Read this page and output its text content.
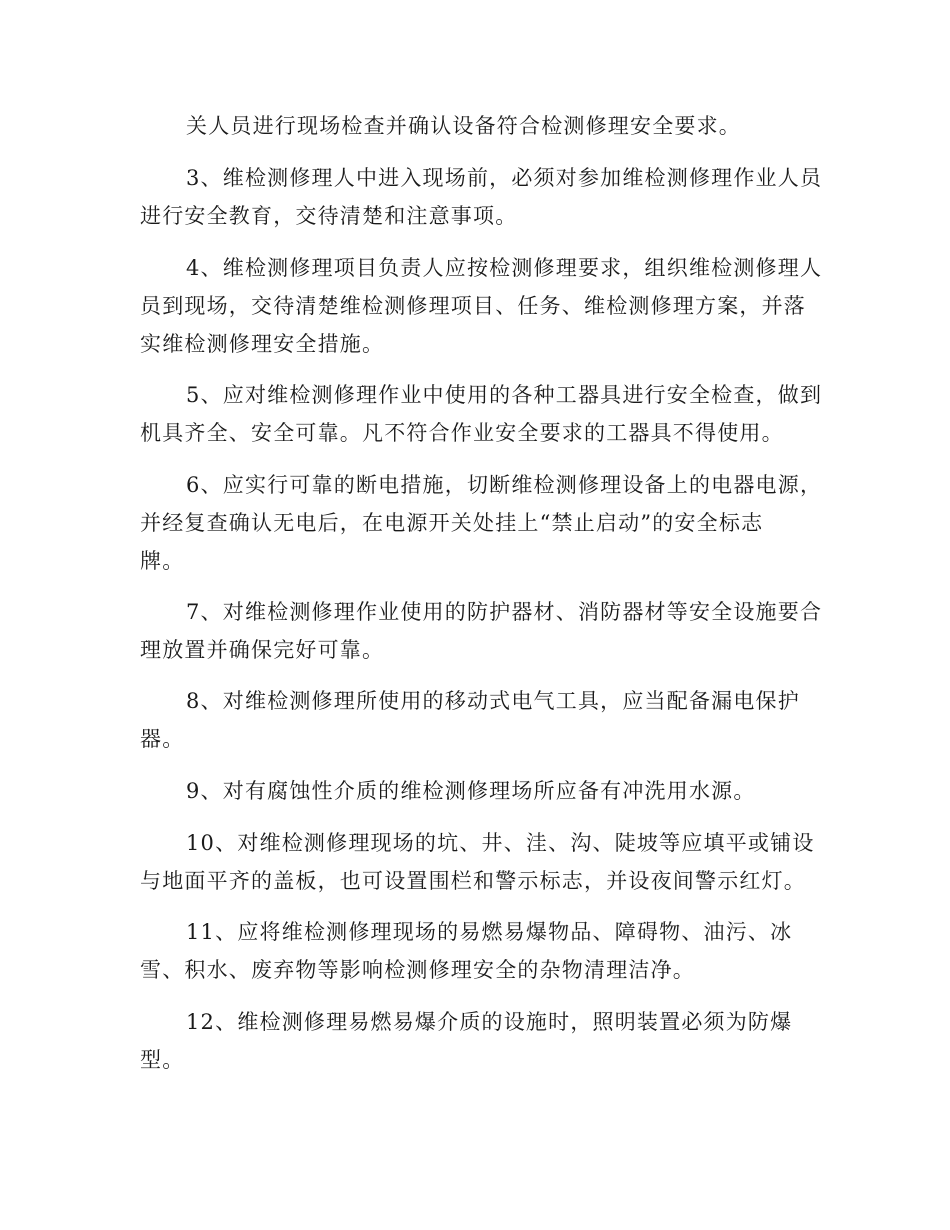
关人员进行现场检查并确认设备符合检测修理安全要求。

3、维检测修理人中进入现场前，必须对参加维检测修理作业人员
进行安全教育，交待清楚和注意事项。

4、维检测修理项目负责人应按检测修理要求，组织维检测修理人
员到现场，交待清楚维检测修理项目、任务、维检测修理方案，并落
实维检测修理安全措施。

5、应对维检测修理作业中使用的各种工器具进行安全检查，做到
机具齐全、安全可靠。凡不符合作业安全要求的工器具不得使用。

6、应实行可靠的断电措施，切断维检测修理设备上的电器电源，
并经复查确认无电后，在电源开关处挂上“禁止启动”的安全标志
牌。

7、对维检测修理作业使用的防护器材、消防器材等安全设施要合
理放置并确保完好可靠。

8、对维检测修理所使用的移动式电气工具，应当配备漏电保护
器。

9、对有腐蚀性介质的维检测修理场所应备有冲洗用水源。

10、对维检测修理现场的坑、井、洼、沟、陡坡等应填平或铺设
与地面平齐的盖板，也可设置围栏和警示标志，并设夜间警示红灯。

11、应将维检测修理现场的易燃易爆物品、障碍物、油污、冰
雪、积水、废弃物等影响检测修理安全的杂物清理洁净。

12、维检测修理易燃易爆介质的设施时，照明装置必须为防爆
型。
